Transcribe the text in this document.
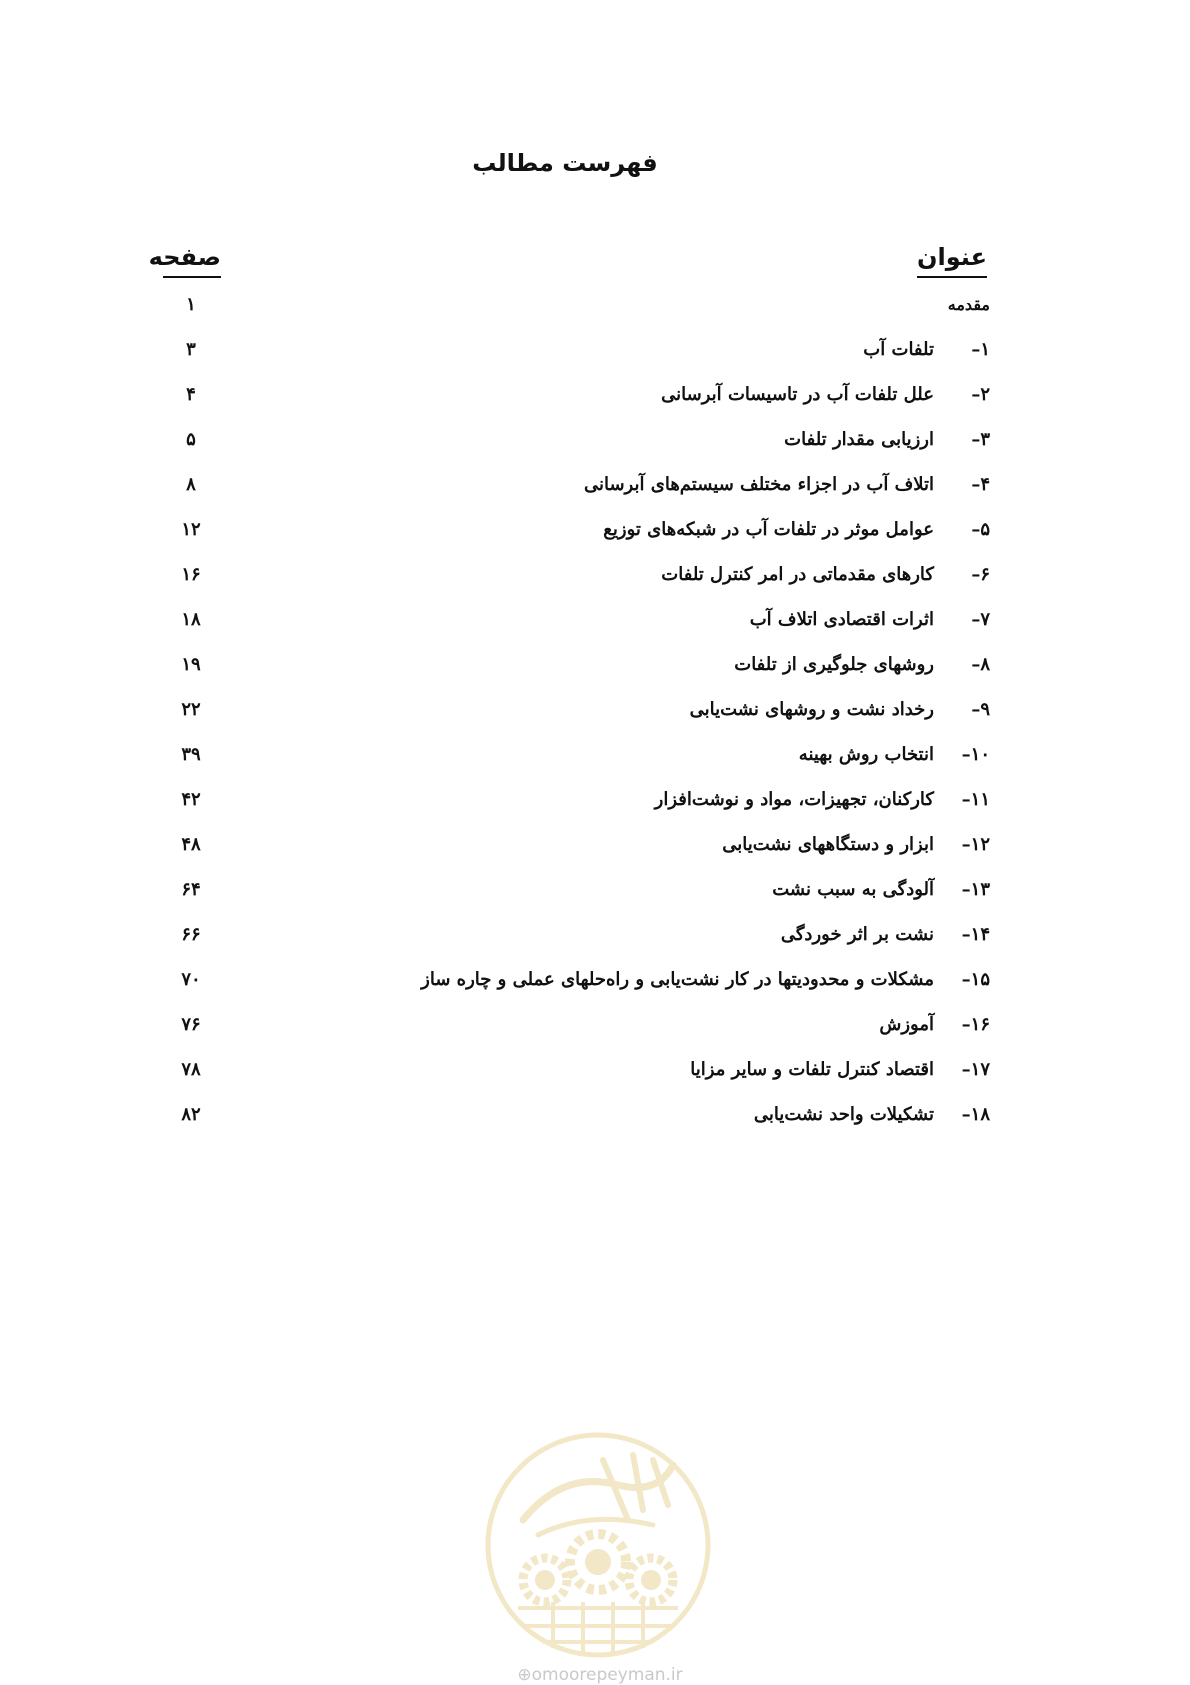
فهرست مطالب
عنوان
صفحه
مقدمه
۱
۱–
تلفات آب
۳
۲–
علل تلفات آب در تاسیسات آبرسانی
۴
۳–
ارزیابی مقدار تلفات
۵
۴–
اتلاف آب در اجزاء مختلف سیستم‌های آبرسانی
۸
۵–
عوامل موثر در تلفات آب در شبکه‌های توزیع
۱۲
۶–
کارهای مقدماتی در امر کنترل تلفات
۱۶
۷–
اثرات اقتصادی اتلاف آب
۱۸
۸–
روشهای جلوگیری از تلفات
۱۹
۹–
رخداد نشت و روشهای نشت‌یابی
۲۲
۱۰–
انتخاب روش بهینه
۳۹
۱۱–
کارکنان، تجهیزات، مواد و نوشت‌افزار
۴۲
۱۲–
ابزار و دستگاههای نشت‌یابی
۴۸
۱۳–
آلودگی به سبب نشت
۶۴
۱۴–
نشت بر اثر خوردگی
۶۶
۱۵–
مشکلات و محدودیتها در کار نشت‌یابی و راه‌حلهای عملی و چاره ساز
۷۰
۱۶–
آموزش
۷۶
۱۷–
اقتصاد کنترل تلفات و سایر مزایا
۷۸
۱۸–
تشکیلات واحد نشت‌یابی
۸۲
⊕omoorepeyman.ir
